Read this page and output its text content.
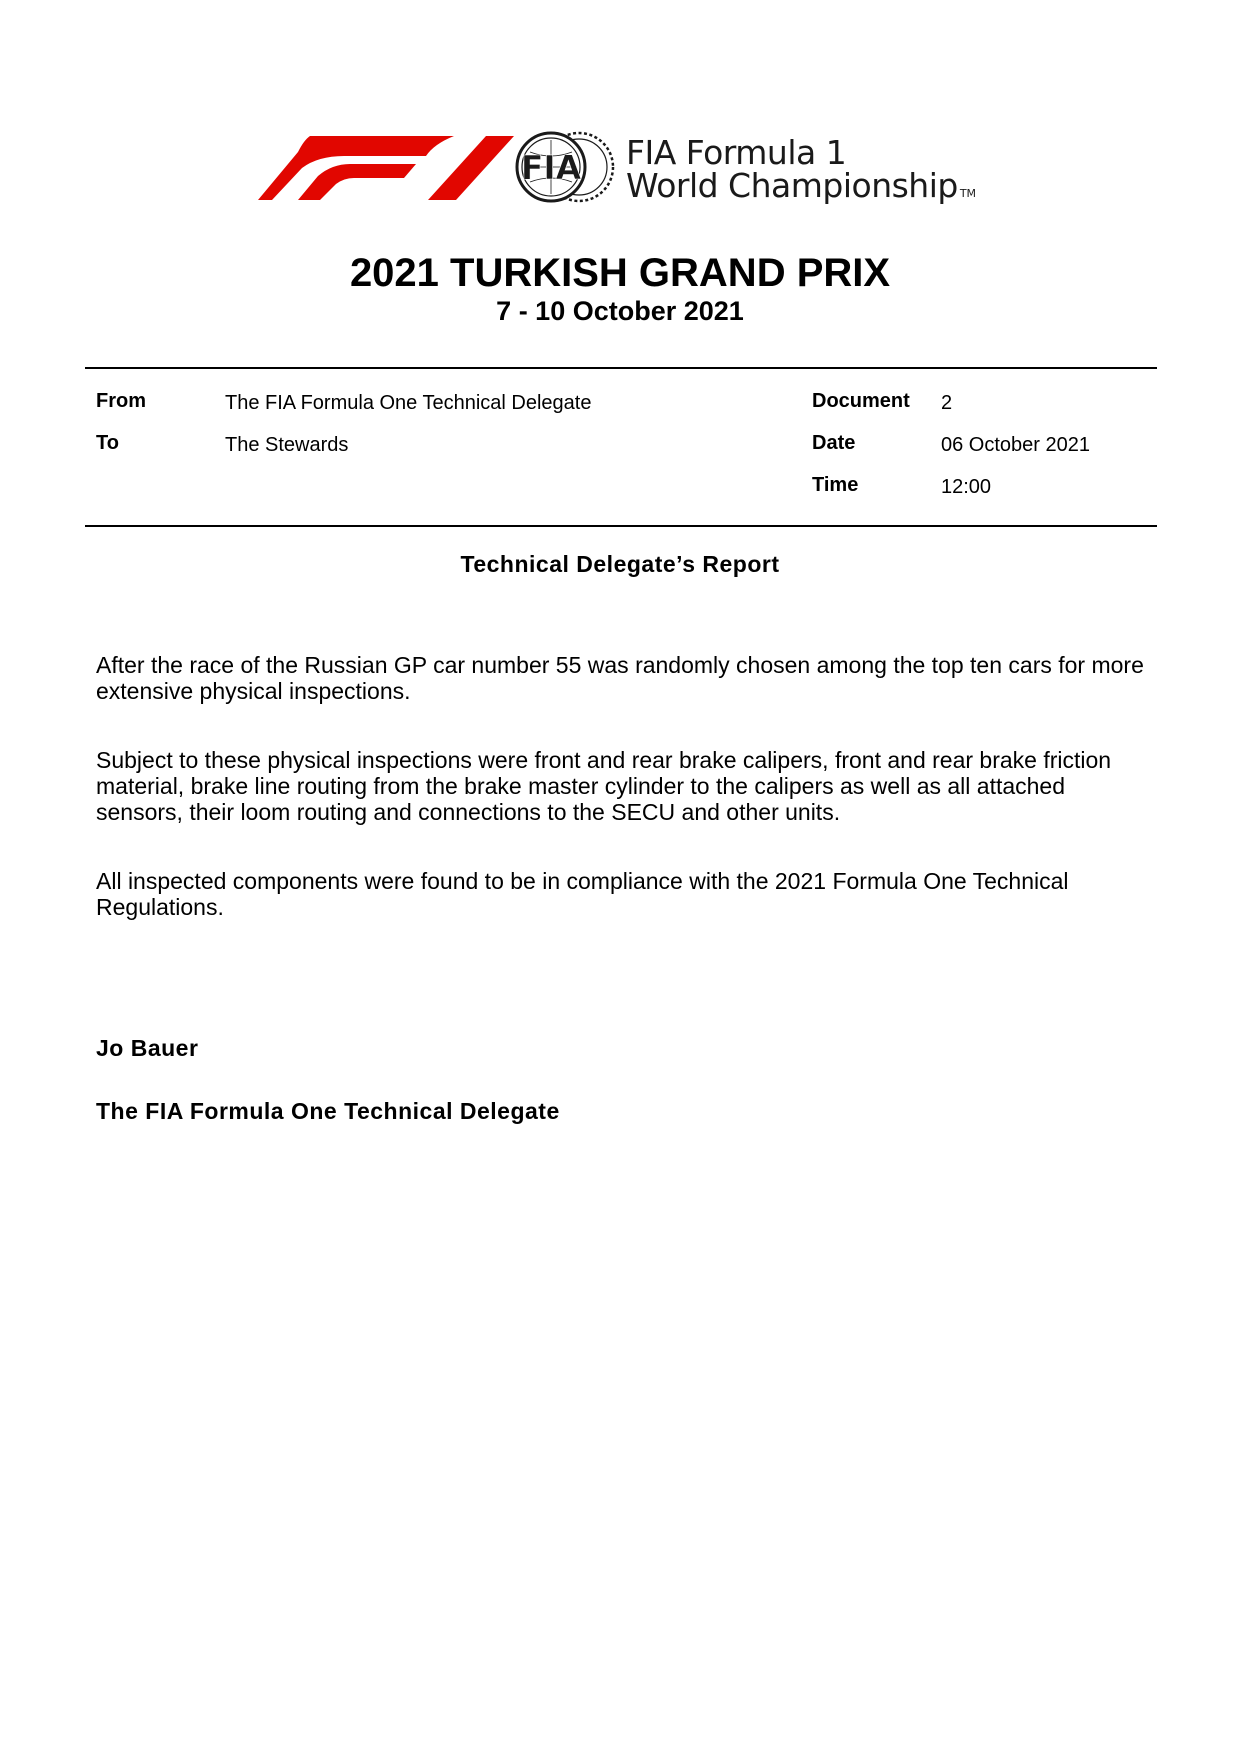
FIA FIA Formula 1
World Championship TM
2021 TURKISH GRAND PRIX
7 - 10 October 2021
From	The FIA Formula One Technical Delegate
To	The Stewards
Document 2
Date	06 October 2021
Time	12:00
Technical Delegate’s Report

After the race of the Russian GP car number 55 was randomly chosen among the top ten cars for more extensive physical inspections.

Subject to these physical inspections were front and rear brake calipers, front and rear brake friction material, brake line routing from the brake master cylinder to the calipers as well as all attached sensors, their loom routing and connections to the SECU and other units.

All inspected components were found to be in compliance with the 2021 Formula One Technical Regulations.

Jo Bauer
The FIA Formula One Technical Delegate
